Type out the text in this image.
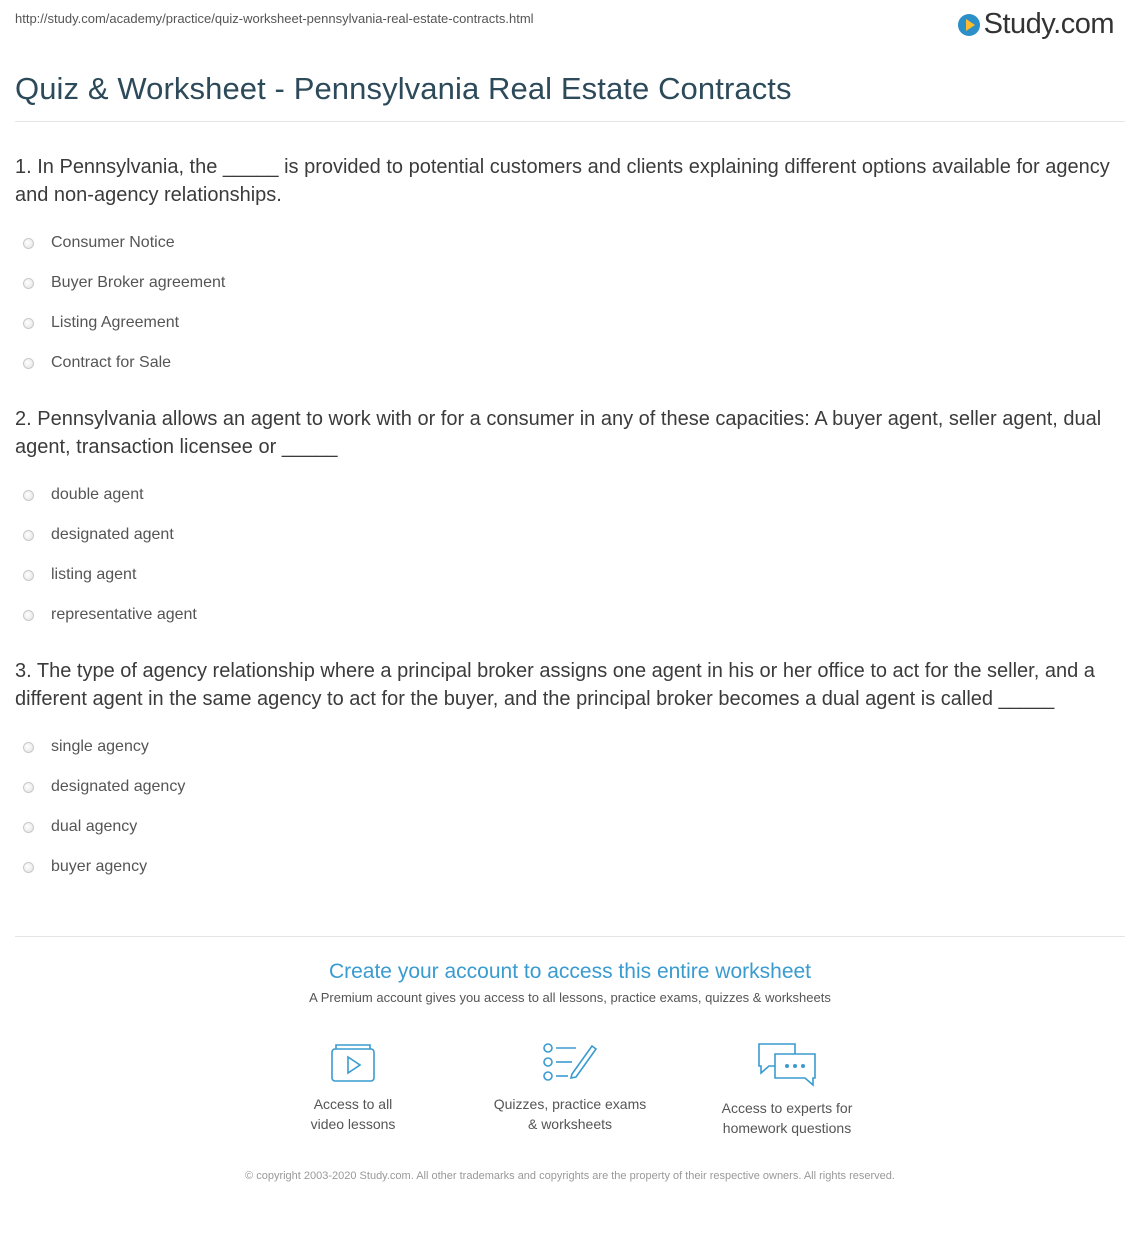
http://study.com/academy/practice/quiz-worksheet-pennsylvania-real-estate-contracts.html	Study.com
Quiz & Worksheet - Pennsylvania Real Estate Contracts

1. In Pennsylvania, the _____ is provided to potential customers and clients explaining different options available for agency and non-agency relationships.

Consumer Notice
Buyer Broker agreement
Listing Agreement
Contract for Sale

2. Pennsylvania allows an agent to work with or for a consumer in any of these capacities: A buyer agent, seller agent, dual agent, transaction licensee or _____

double agent
designated agent
listing agent
representative agent

3. The type of agency relationship where a principal broker assigns one agent in his or her office to act for the seller, and a different agent in the same agency to act for the buyer, and the principal broker becomes a dual agent is called _____

single agency
designated agency
dual agency
buyer agency

Create your account to access this entire worksheet

A Premium account gives you access to all lessons, practice exams, quizzes & worksheets
Access to all
video lessons
Quizzes, practice exams
& worksheets
Access to experts for
homework questions
© copyright 2003-2020 Study.com. All other trademarks and copyrights are the property of their respective owners. All rights reserved.
